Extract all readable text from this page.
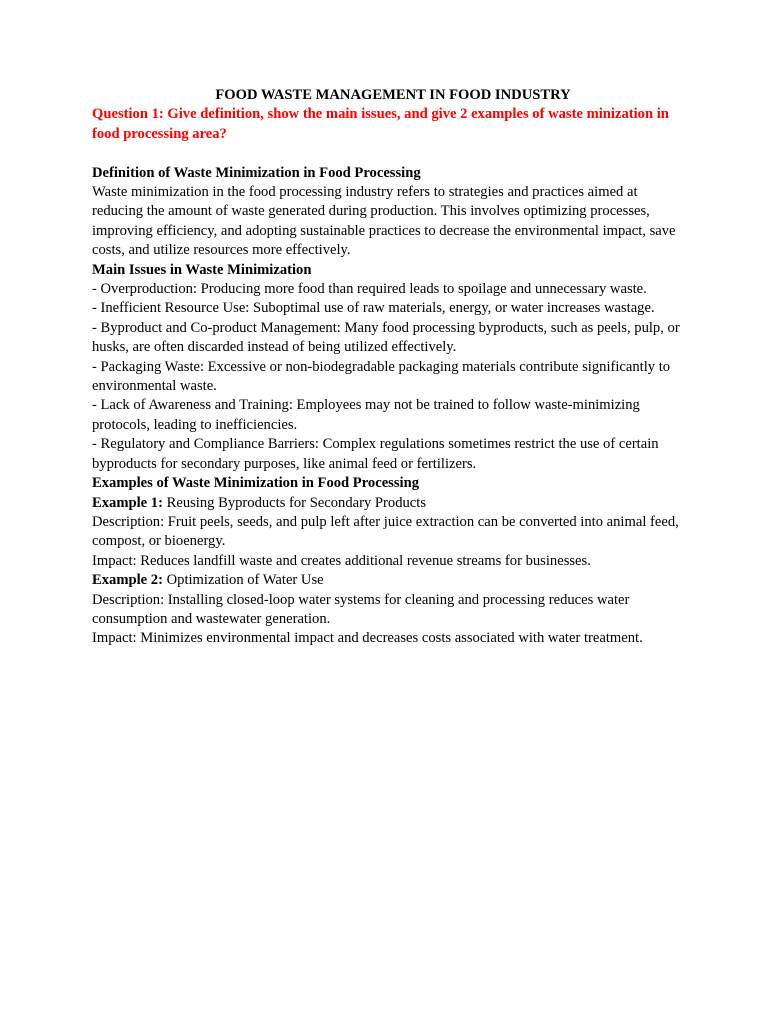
FOOD WASTE MANAGEMENT IN FOOD INDUSTRY

Question 1: Give definition, show the main issues, and give 2 examples of waste minization in food processing area?

Definition of Waste Minimization in Food Processing

Waste minimization in the food processing industry refers to strategies and practices aimed at reducing the amount of waste generated during production. This involves optimizing processes, improving efficiency, and adopting sustainable practices to decrease the environmental impact, save costs, and utilize resources more effectively.

Main Issues in Waste Minimization

- Overproduction: Producing more food than required leads to spoilage and unnecessary waste.

- Inefficient Resource Use: Suboptimal use of raw materials, energy, or water increases wastage.

- Byproduct and Co-product Management: Many food processing byproducts, such as peels, pulp, or husks, are often discarded instead of being utilized effectively.

- Packaging Waste: Excessive or non-biodegradable packaging materials contribute significantly to environmental waste.

- Lack of Awareness and Training: Employees may not be trained to follow waste-minimizing protocols, leading to inefficiencies.

- Regulatory and Compliance Barriers: Complex regulations sometimes restrict the use of certain byproducts for secondary purposes, like animal feed or fertilizers.

Examples of Waste Minimization in Food Processing

Example 1: Reusing Byproducts for Secondary Products

Description: Fruit peels, seeds, and pulp left after juice extraction can be converted into animal feed, compost, or bioenergy.

Impact: Reduces landfill waste and creates additional revenue streams for businesses.

Example 2: Optimization of Water Use

Description: Installing closed-loop water systems for cleaning and processing reduces water consumption and wastewater generation.

Impact: Minimizes environmental impact and decreases costs associated with water treatment.
